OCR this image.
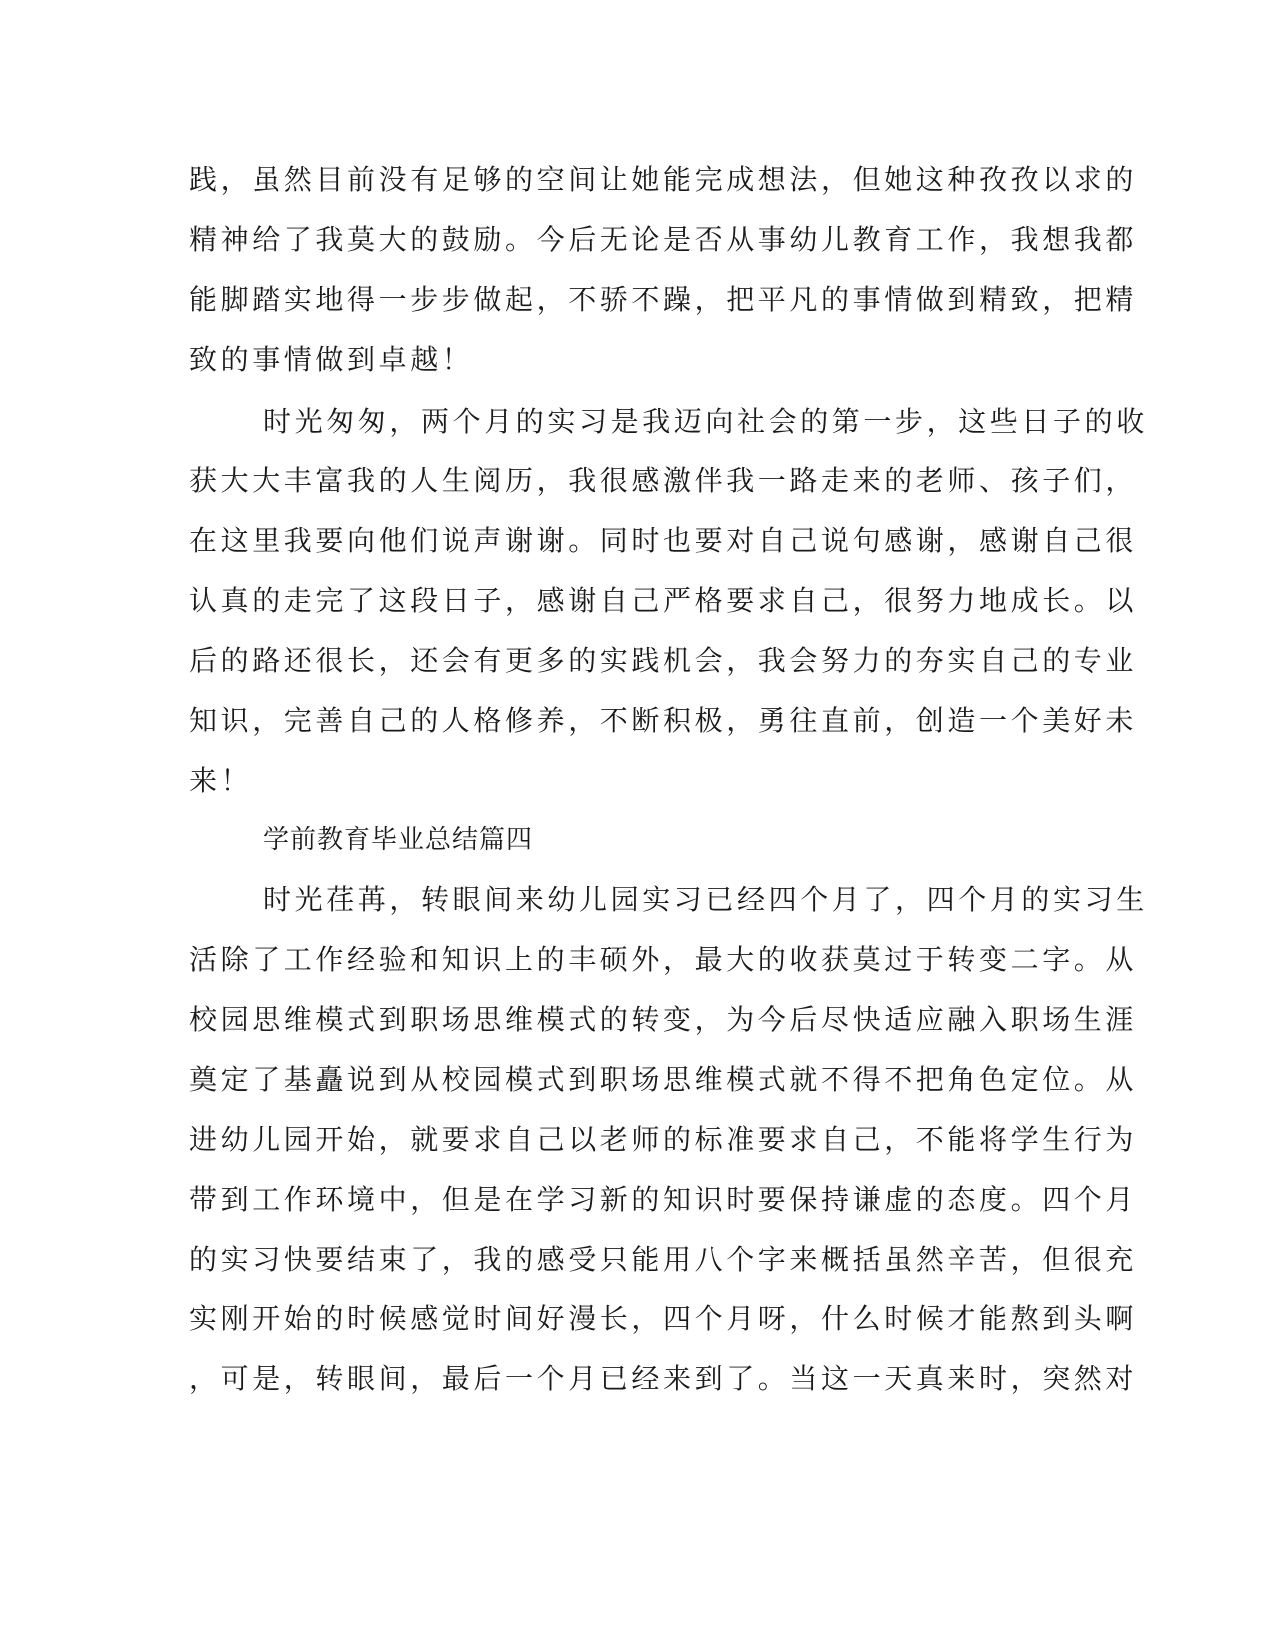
践，虽然目前没有足够的空间让她能完成想法，但她这种孜孜以求的
精神给了我莫大的鼓励。今后无论是否从事幼儿教育工作，我想我都
能脚踏实地得一步步做起，不骄不躁，把平凡的事情做到精致，把精
致的事情做到卓越！
时光匆匆，两个月的实习是我迈向社会的第一步，这些日子的收
获大大丰富我的人生阅历，我很感激伴我一路走来的老师、孩子们，
在这里我要向他们说声谢谢。同时也要对自己说句感谢，感谢自己很
认真的走完了这段日子，感谢自己严格要求自己，很努力地成长。以
后的路还很长，还会有更多的实践机会，我会努力的夯实自己的专业
知识，完善自己的人格修养，不断积极，勇往直前，创造一个美好未
来！
学前教育毕业总结篇四
时光荏苒，转眼间来幼儿园实习已经四个月了，四个月的实习生
活除了工作经验和知识上的丰硕外，最大的收获莫过于转变二字。从
校园思维模式到职场思维模式的转变，为今后尽快适应融入职场生涯
奠定了基矗说到从校园模式到职场思维模式就不得不把角色定位。从
进幼儿园开始，就要求自己以老师的标准要求自己，不能将学生行为
带到工作环境中，但是在学习新的知识时要保持谦虚的态度。四个月
的实习快要结束了，我的感受只能用八个字来概括虽然辛苦，但很充
实刚开始的时候感觉时间好漫长，四个月呀，什么时候才能熬到头啊
，可是，转眼间，最后一个月已经来到了。当这一天真来时，突然对
